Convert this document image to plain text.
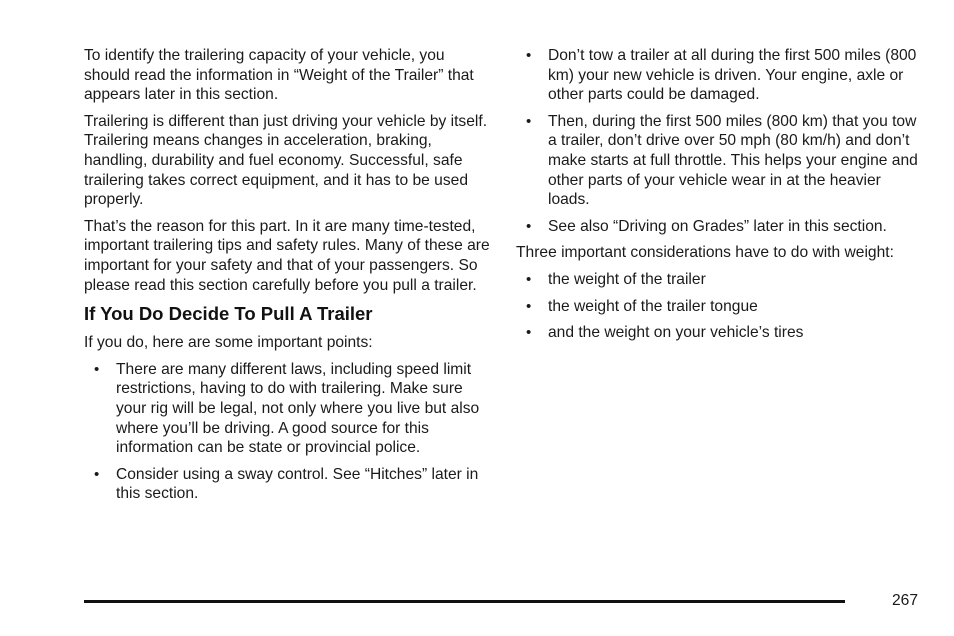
To identify the trailering capacity of your vehicle, you should read the information in “Weight of the Trailer” that appears later in this section.

Trailering is different than just driving your vehicle by itself. Trailering means changes in acceleration, braking, handling, durability and fuel economy. Successful, safe trailering takes correct equipment, and it has to be used properly.

That’s the reason for this part. In it are many time-tested, important trailering tips and safety rules. Many of these are important for your safety and that of your passengers. So please read this section carefully before you pull a trailer.

If You Do Decide To Pull A Trailer

If you do, here are some important points:

• There are many different laws, including speed limit restrictions, having to do with trailering. Make sure your rig will be legal, not only where you live but also where you’ll be driving. A good source for this information can be state or provincial police.
• Consider using a sway control. See “Hitches” later in this section.
• Don’t tow a trailer at all during the first 500 miles (800 km) your new vehicle is driven. Your engine, axle or other parts could be damaged.
• Then, during the first 500 miles (800 km) that you tow a trailer, don’t drive over 50 mph (80 km/h) and don’t make starts at full throttle. This helps your engine and other parts of your vehicle wear in at the heavier loads.
• See also “Driving on Grades” later in this section.

Three important considerations have to do with weight:

• the weight of the trailer
• the weight of the trailer tongue
• and the weight on your vehicle’s tires
267
